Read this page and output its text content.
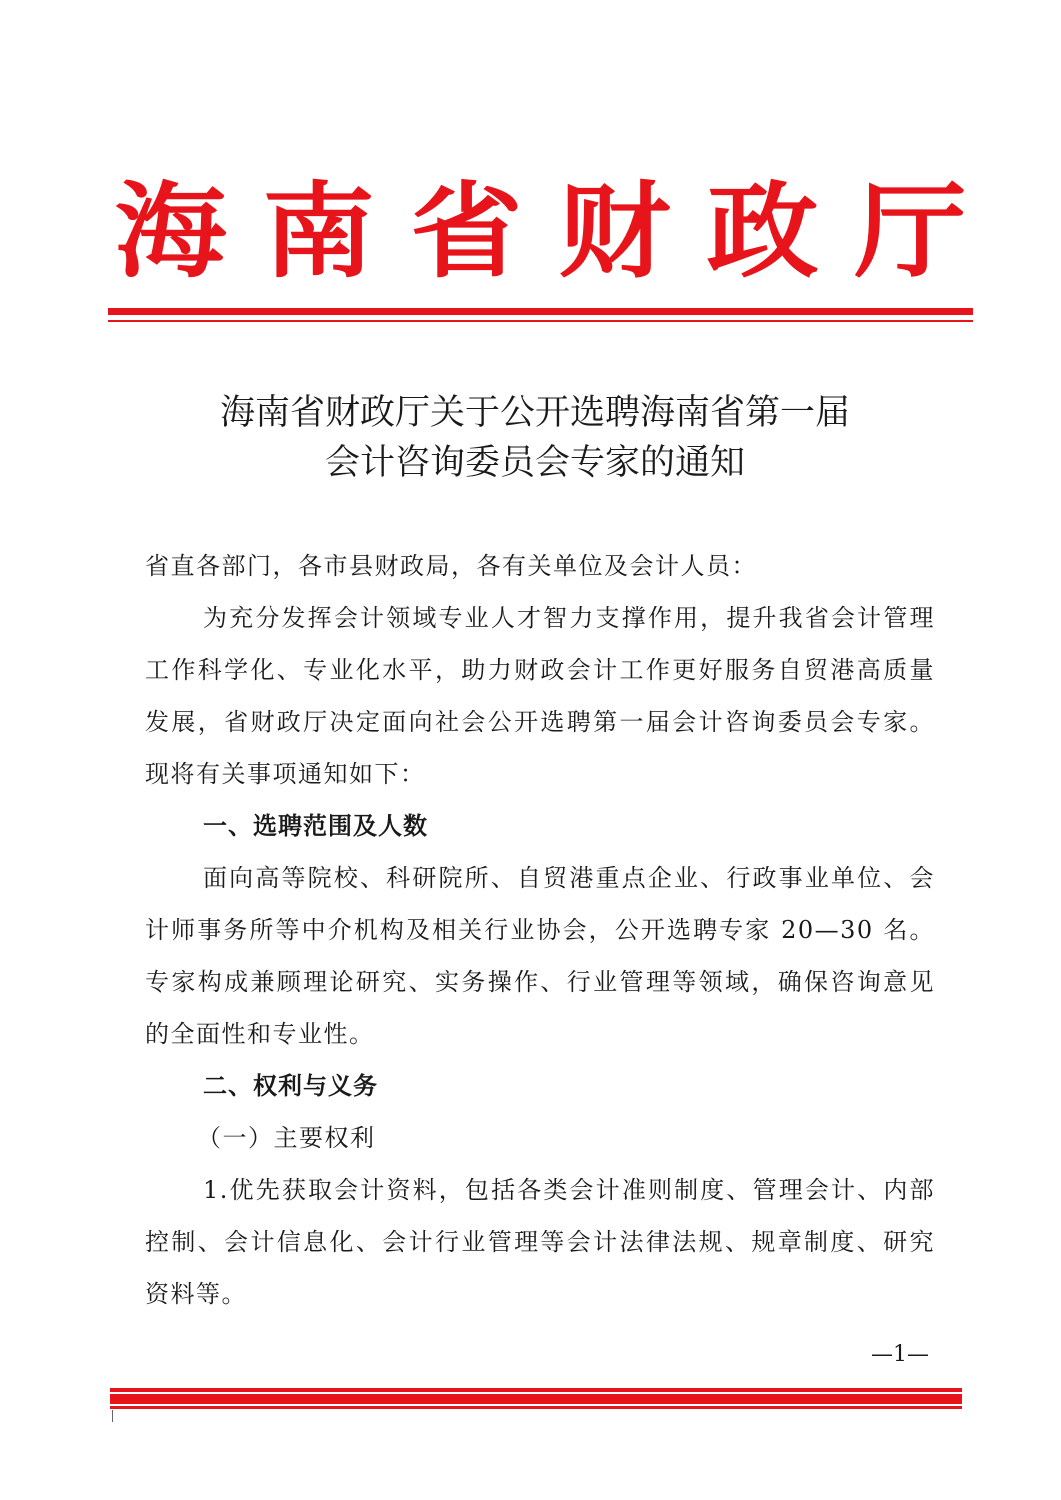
海 南 省 财 政 厅
海南省财政厅关于公开选聘海南省第一届
会计咨询委员会专家的通知

省直各部门，各市县财政局，各有关单位及会计人员：

为充分发挥会计领域专业人才智力支撑作用，提升我省会计管理工作科学化、专业化水平，助力财政会计工作更好服务自贸港高质量发展，省财政厅决定面向社会公开选聘第一届会计咨询委员会专家。现将有关事项通知如下：

一、选聘范围及人数

面向高等院校、科研院所、自贸港重点企业、行政事业单位、会计师事务所等中介机构及相关行业协会，公开选聘专家 20—30 名。专家构成兼顾理论研究、实务操作、行业管理等领域，确保咨询意见的全面性和专业性。

二、权利与义务

（一）主要权利

1.优先获取会计资料，包括各类会计准则制度、管理会计、内部控制、会计信息化、会计行业管理等会计法律法规、规章制度、研究资料等。

—1—
